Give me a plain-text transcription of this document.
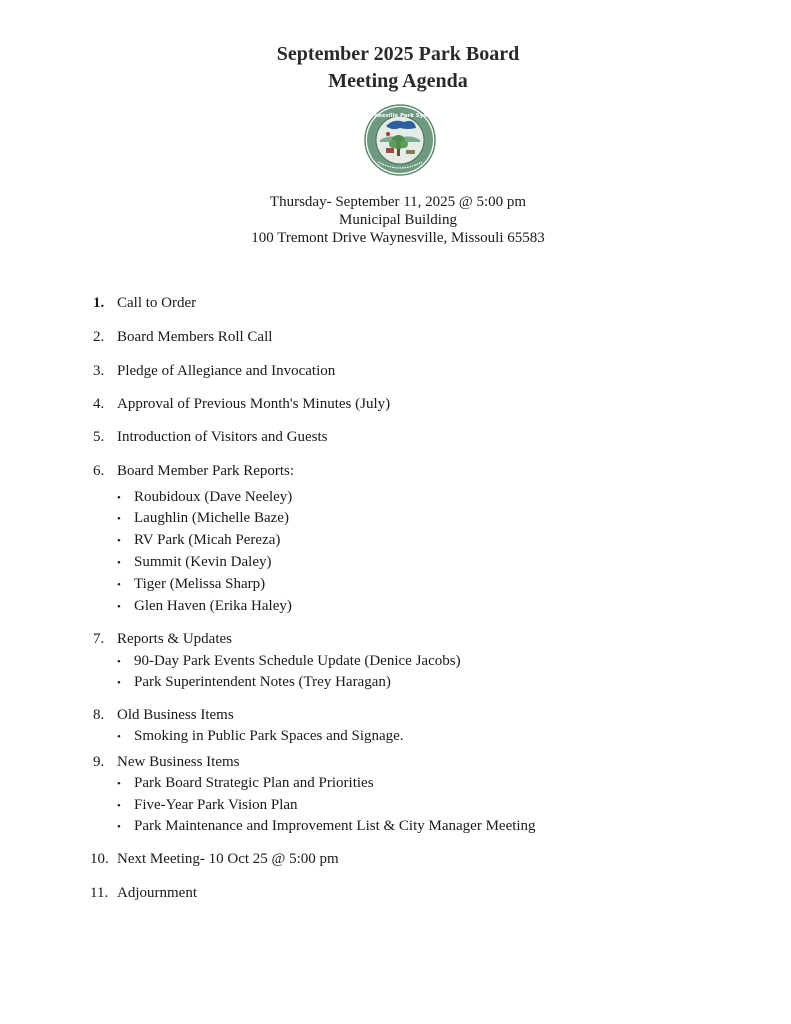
September 2025 Park Board
Meeting Agenda
Waynesville Park System
Thursday- September 11, 2025 @ 5:00 pm
Municipal Building
100 Tremont Drive Waynesville, Missouli 65583
1. Call to Order
2. Board Members Roll Call
3. Pledge of Allegiance and Invocation
4. Approval of Previous Month's Minutes (July)
5. Introduction of Visitors and Guests
6. Board Member Park Reports:
• Roubidoux (Dave Neeley)
• Laughlin (Michelle Baze)
• RV Park (Micah Pereza)
• Summit (Kevin Daley)
• Tiger (Melissa Sharp)
• Glen Haven (Erika Haley)
7. Reports & Updates
• 90-Day Park Events Schedule Update (Denice Jacobs)
• Park Superintendent Notes (Trey Haragan)
8. Old Business Items
• Smoking in Public Park Spaces and Signage.
9. New Business Items
• Park Board Strategic Plan and Priorities
• Five-Year Park Vision Plan
• Park Maintenance and Improvement List & City Manager Meeting
10. Next Meeting- 10 Oct 25 @ 5:00 pm
11. Adjournment
